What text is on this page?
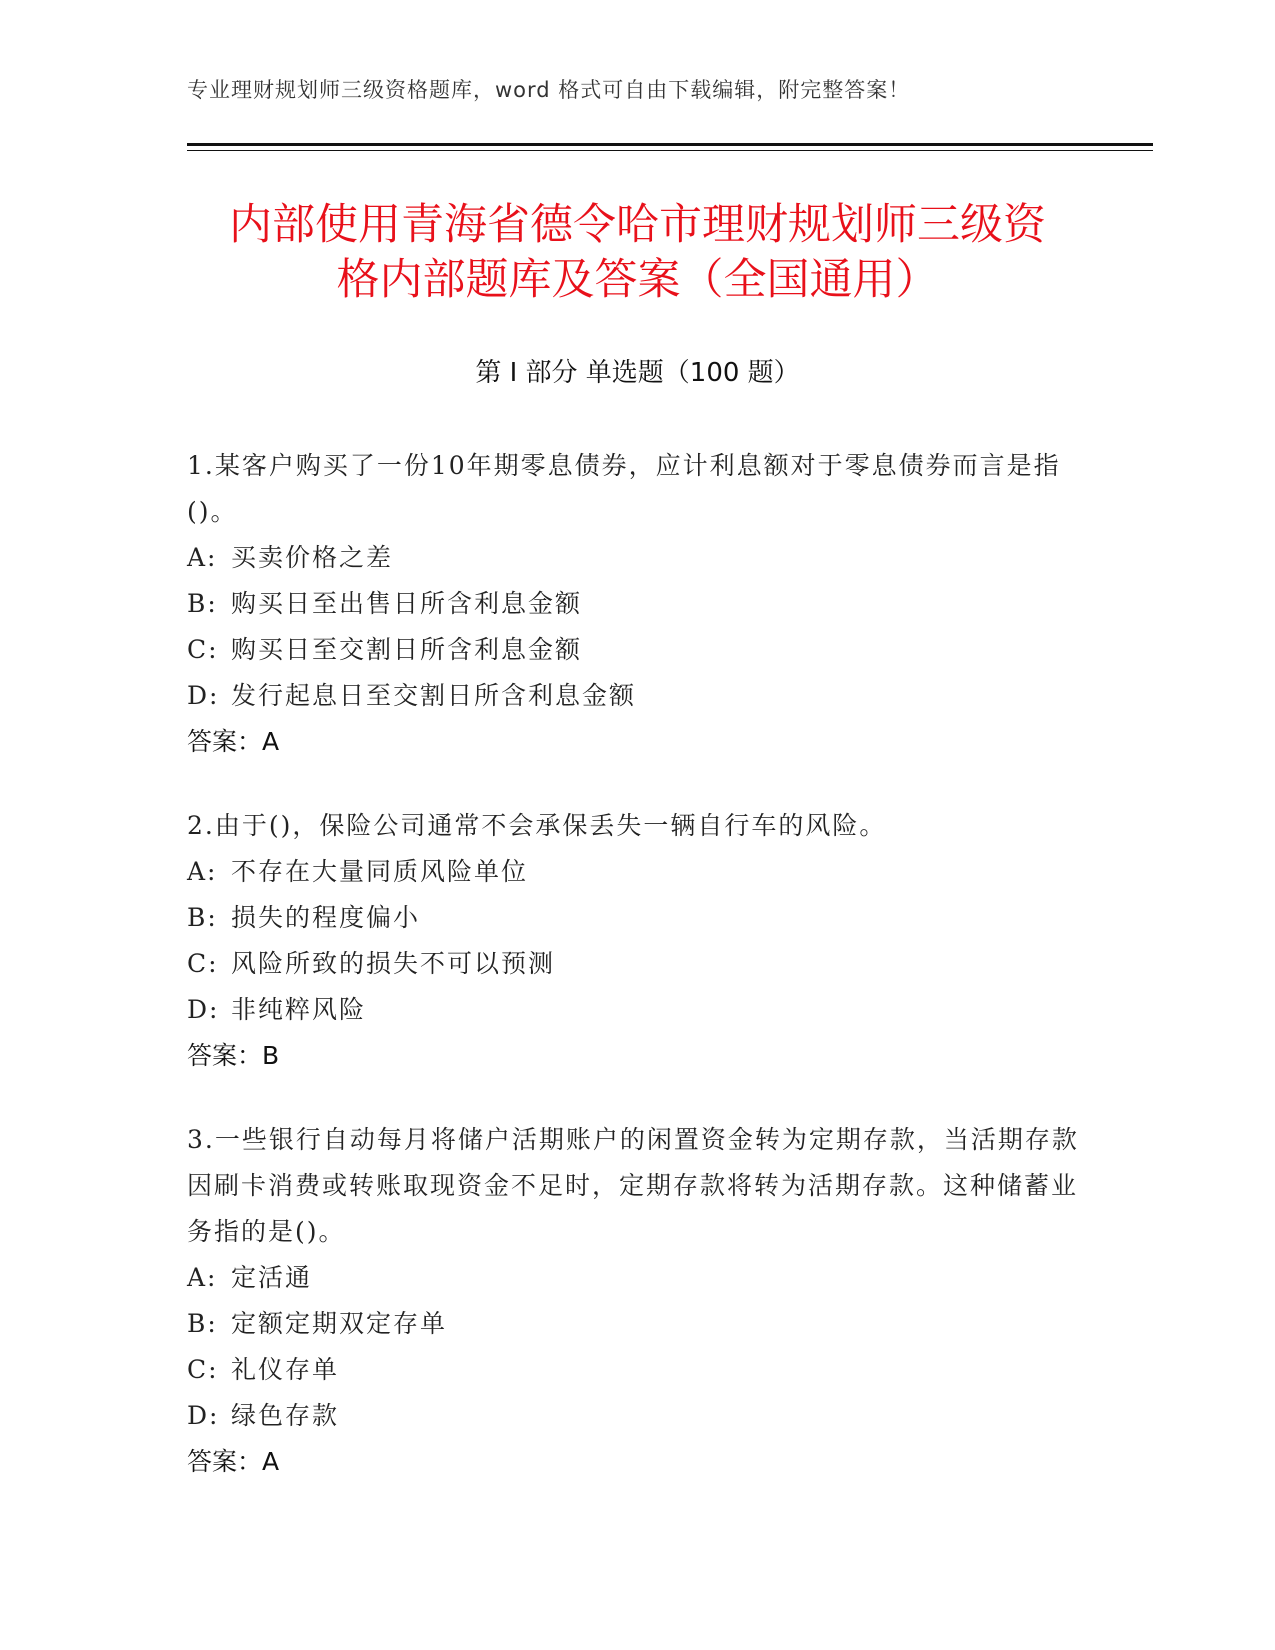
专业理财规划师三级资格题库，word 格式可自由下载编辑，附完整答案！
内部使用青海省德令哈市理财规划师三级资
格内部题库及答案（全国通用）
第 I 部分 单选题（100 题）
1.某客户购买了一份10年期零息债券，应计利息额对于零息债券而言是指()。
A: 买卖价格之差
B: 购买日至出售日所含利息金额
C: 购买日至交割日所含利息金额
D: 发行起息日至交割日所含利息金额
答案：A
2.由于()，保险公司通常不会承保丢失一辆自行车的风险。
A: 不存在大量同质风险单位
B: 损失的程度偏小
C: 风险所致的损失不可以预测
D: 非纯粹风险
答案：B
3.一些银行自动每月将储户活期账户的闲置资金转为定期存款，当活期存款因刷卡消费或转账取现资金不足时，定期存款将转为活期存款。这种储蓄业务指的是()。
A: 定活通
B: 定额定期双定存单
C: 礼仪存单
D: 绿色存款
答案：A
